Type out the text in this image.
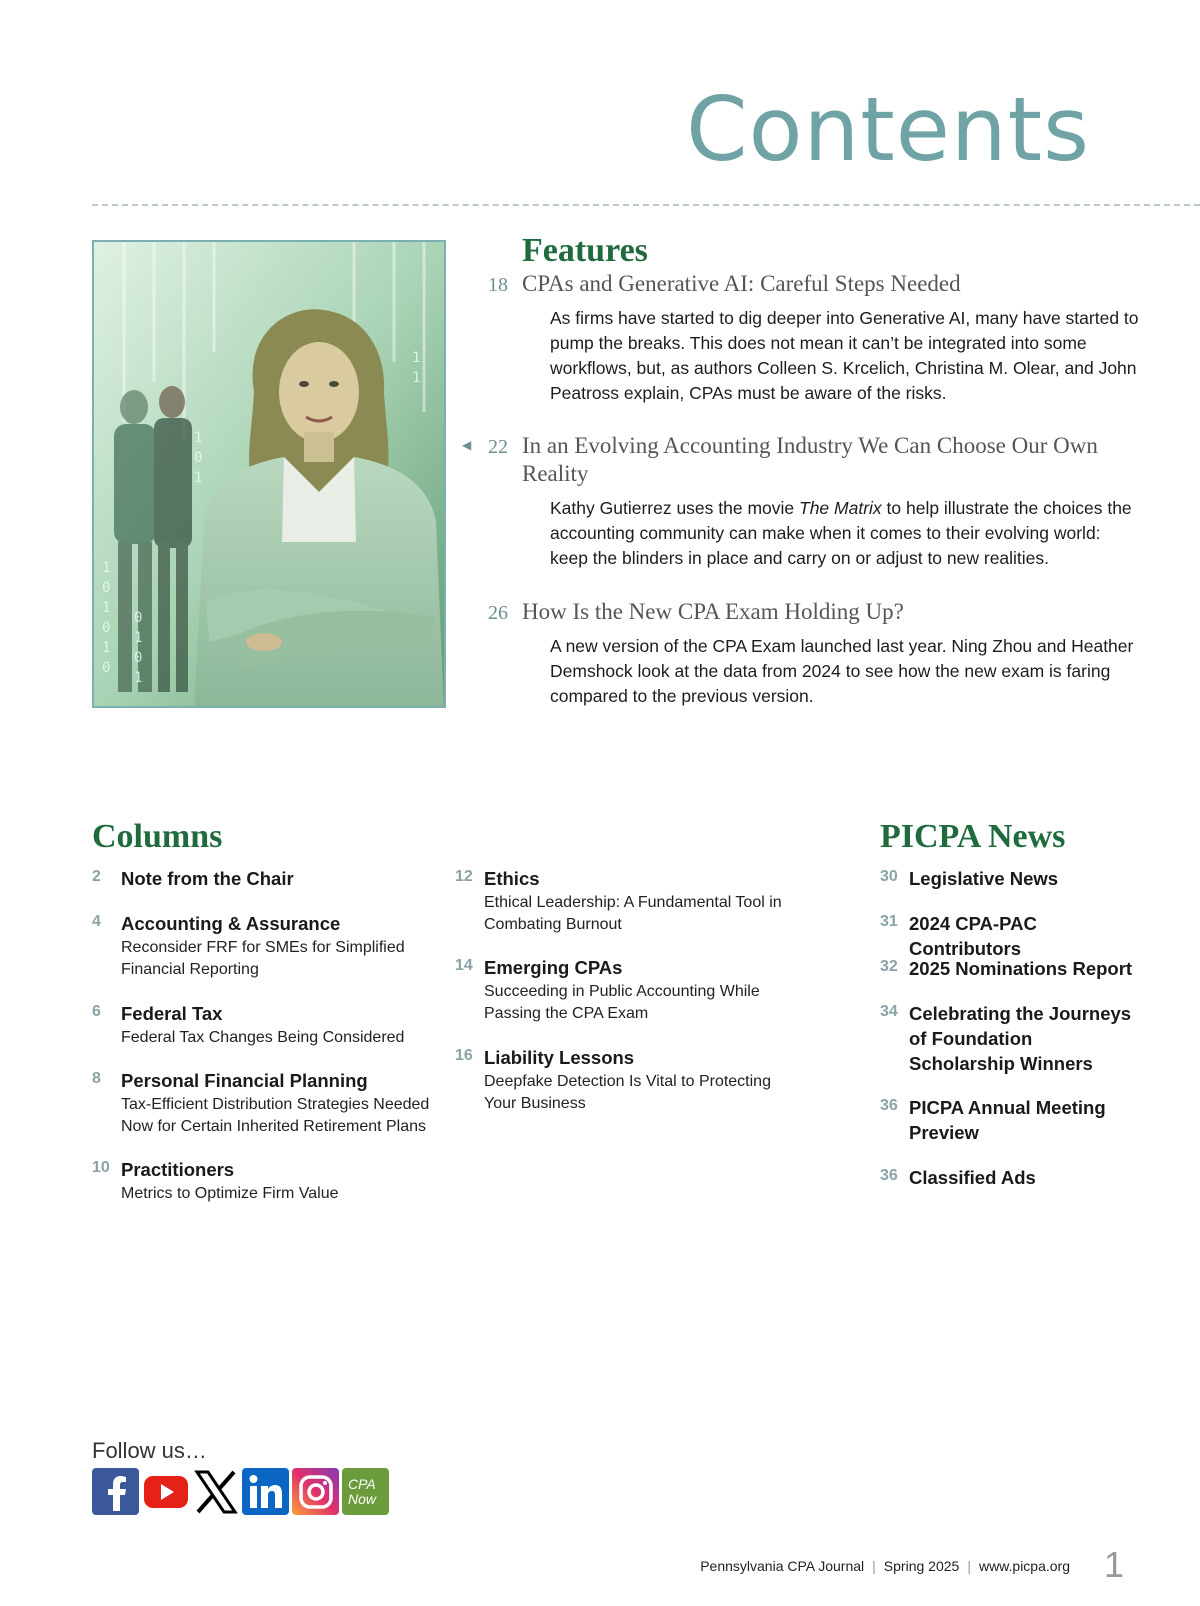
Contents
1
0
1
0
1
0
0
1
0
1
1
1
1
0
1
Features
18 CPAs and Generative AI: Careful Steps Needed
As firms have started to dig deeper into Generative AI, many have started to pump the breaks. This does not mean it can’t be integrated into some workflows, but, as authors Colleen S. Krcelich, Christina M. Olear, and John Peatross explain, CPAs must be aware of the risks.
◀ 22 In an Evolving Accounting Industry We Can Choose Our Own Reality
Kathy Gutierrez uses the movie The Matrix to help illustrate the choices the accounting community can make when it comes to their evolving world: keep the blinders in place and carry on or adjust to new realities.
26 How Is the New CPA Exam Holding Up?
A new version of the CPA Exam launched last year. Ning Zhou and Heather Demshock look at the data from 2024 to see how the new exam is faring compared to the previous version.
Columns
2	Note from the Chair
4	Accounting & Assurance
Reconsider FRF for SMEs for Simplified Financial Reporting
6	Federal Tax
Federal Tax Changes Being Considered
8	Personal Financial Planning
Tax-Efficient Distribution Strategies Needed Now for Certain Inherited Retirement Plans
10 Practitioners
Metrics to Optimize Firm Value
12 Ethics
Ethical Leadership: A Fundamental Tool in Combating Burnout
14 Emerging CPAs
Succeeding in Public Accounting While Passing the CPA Exam
16 Liability Lessons
Deepfake Detection Is Vital to Protecting Your Business
PICPA News
30 Legislative News
31 2024 CPA-PAC Contributors
32 2025 Nominations Report
34 Celebrating the Journeys of Foundation Scholarship Winners
36 PICPA Annual Meeting Preview
36 Classified Ads
Follow us…
CPA
Now
Pennsylvania CPA Journal | Spring 2025 | www.picpa.org 1
